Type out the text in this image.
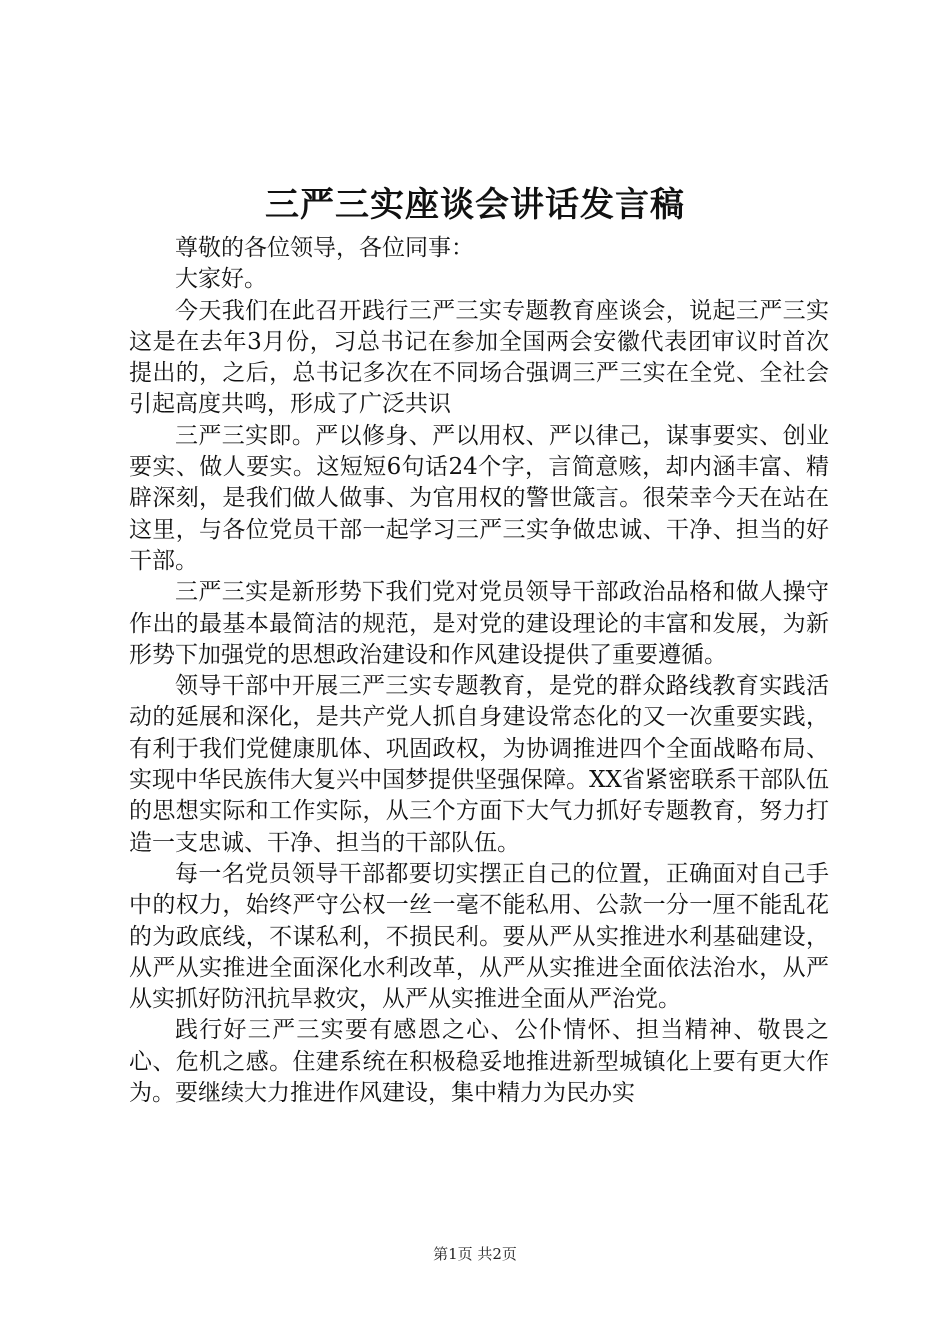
三严三实座谈会讲话发言稿

尊敬的各位领导，各位同事：

大家好。

今天我们在此召开践行三严三实专题教育座谈会，说起三严三实这是在去年3月份，习总书记在参加全国两会安徽代表团审议时首次提出的，之后，总书记多次在不同场合强调三严三实在全党、全社会引起高度共鸣，形成了广泛共识

三严三实即。严以修身、严以用权、严以律己，谋事要实、创业要实、做人要实。这短短6句话24个字，言简意赅，却内涵丰富、精辟深刻，是我们做人做事、为官用权的警世箴言。很荣幸今天在站在这里，与各位党员干部一起学习三严三实争做忠诚、干净、担当的好干部。

三严三实是新形势下我们党对党员领导干部政治品格和做人操守作出的最基本最简洁的规范，是对党的建设理论的丰富和发展，为新形势下加强党的思想政治建设和作风建设提供了重要遵循。

领导干部中开展三严三实专题教育，是党的群众路线教育实践活动的延展和深化，是共产党人抓自身建设常态化的又一次重要实践，有利于我们党健康肌体、巩固政权，为协调推进四个全面战略布局、实现中华民族伟大复兴中国梦提供坚强保障。XX省紧密联系干部队伍的思想实际和工作实际，从三个方面下大气力抓好专题教育，努力打造一支忠诚、干净、担当的干部队伍。

每一名党员领导干部都要切实摆正自己的位置，正确面对自己手中的权力，始终严守公权一丝一毫不能私用、公款一分一厘不能乱花的为政底线，不谋私利，不损民利。要从严从实推进水利基础建设，从严从实推进全面深化水利改革，从严从实推进全面依法治水，从严从实抓好防汛抗旱救灾，从严从实推进全面从严治党。

践行好三严三实要有感恩之心、公仆情怀、担当精神、敬畏之心、危机之感。住建系统在积极稳妥地推进新型城镇化上要有更大作为。要继续大力推进作风建设，集中精力为民办实

第1页 共2页
